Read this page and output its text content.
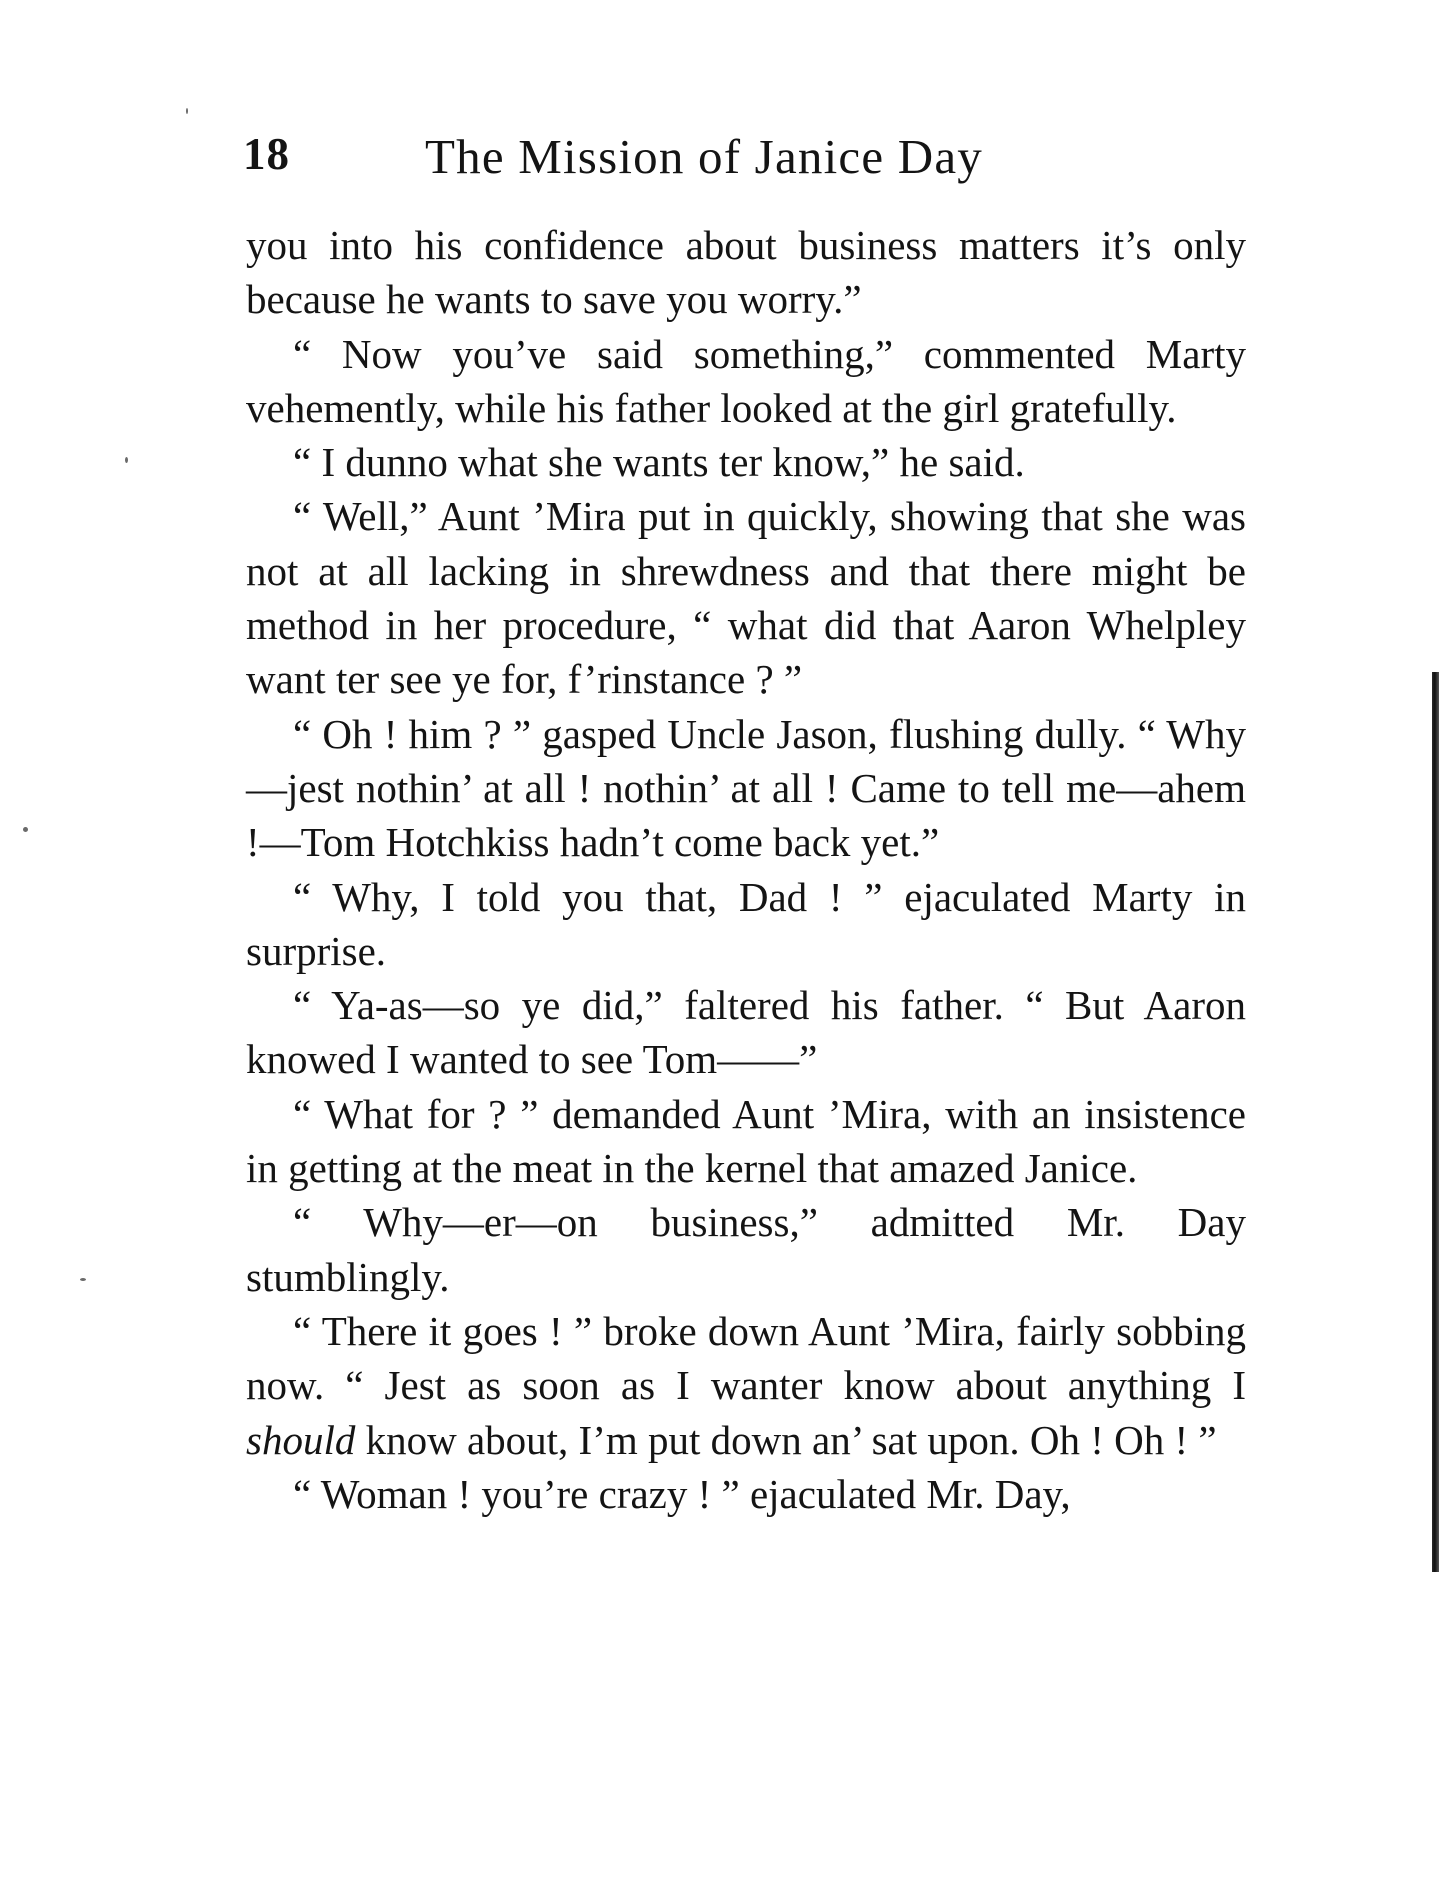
18	The Mission of Janice Day

you into his confidence about business matters it’s only because he wants to save you worry.”

“ Now you’ve said something,” commented Marty vehemently, while his father looked at the girl gratefully.

“ I dunno what she wants ter know,” he said.

“ Well,” Aunt ’Mira put in quickly, showing that she was not at all lacking in shrewdness and that there might be method in her procedure, “ what did that Aaron Whelpley want ter see ye for, f’rinstance ? ”

“ Oh ! him ? ” gasped Uncle Jason, flushing dully. “ Why—jest nothin’ at all ! nothin’ at all ! Came to tell me—ahem !—Tom Hotchkiss hadn’t come back yet.”

“ Why, I told you that, Dad ! ” ejaculated Marty in surprise.

“ Ya-as—so ye did,” faltered his father. “ But Aaron knowed I wanted to see Tom——”

“ What for ? ” demanded Aunt ’Mira, with an insistence in getting at the meat in the kernel that amazed Janice.

“ Why—er—on business,” admitted Mr. Day stumblingly.

“ There it goes ! ” broke down Aunt ’Mira, fairly sobbing now. “ Jest as soon as I wanter know about anything I should know about, I’m put down an’ sat upon. Oh ! Oh ! ”

“ Woman ! you’re crazy ! ” ejaculated Mr. Day,
